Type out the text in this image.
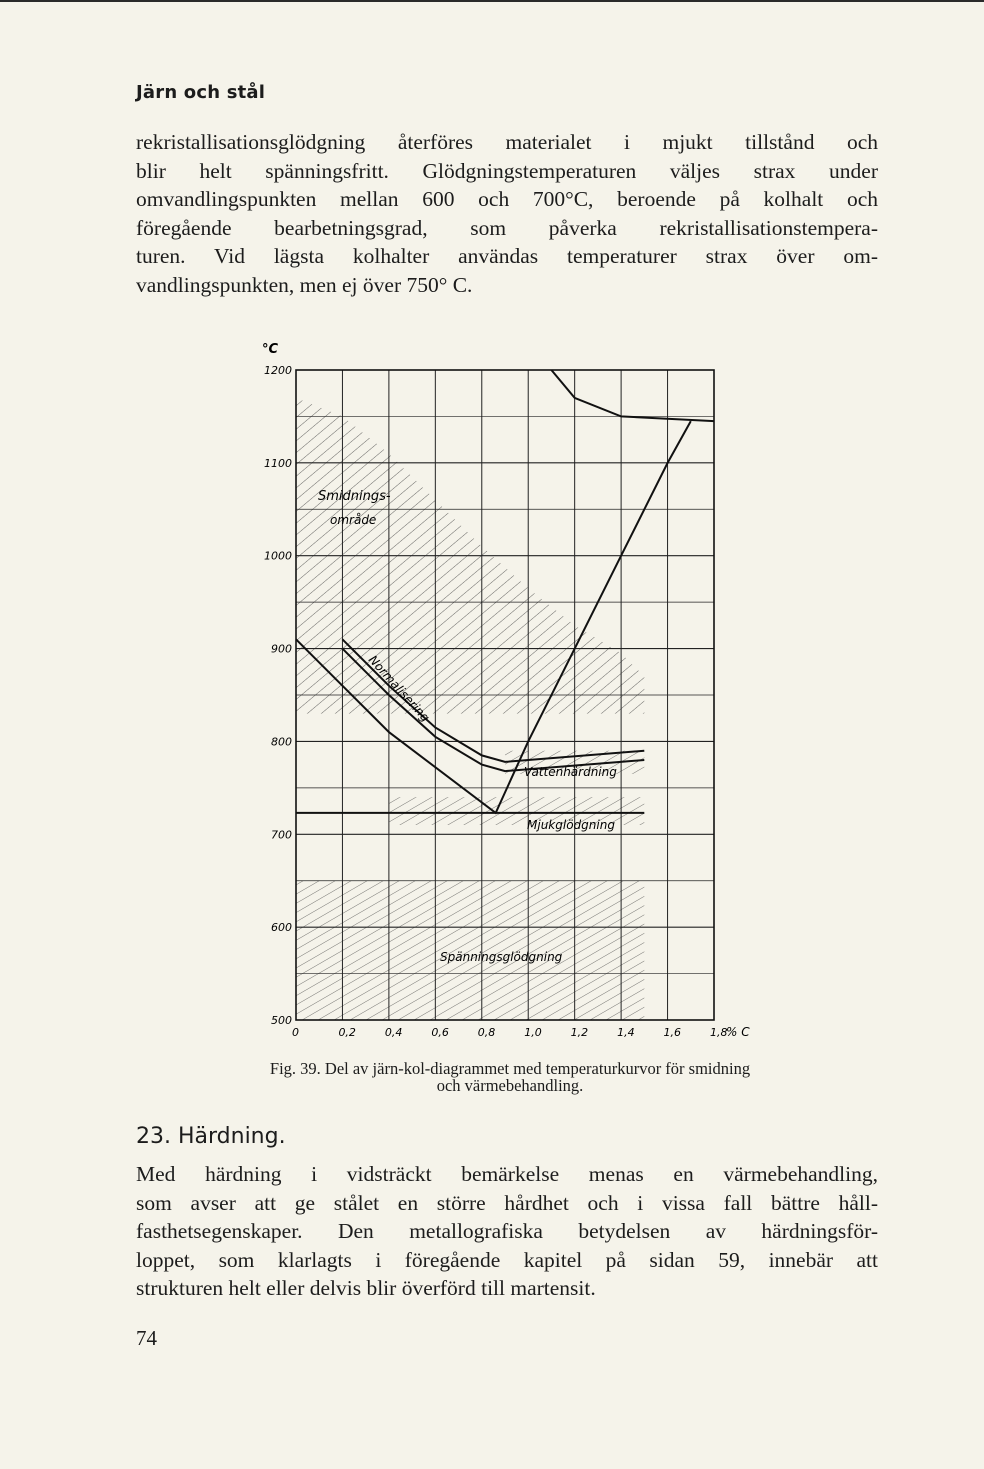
Järn och stål
rekristallisationsglödgning återföres materialet i mjukt tillstånd och
blir helt spänningsfritt. Glödgningstemperaturen väljes strax under
omvandlingspunkten mellan 600 och 700°C, beroende på kolhalt och
föregående bearbetningsgrad, som påverka rekristallisationstempera-
turen. Vid lägsta kolhalter användas temperaturer strax över om-
vandlingspunkten, men ej över 750° C.
0	0,2	0,4	0,6	0,8	1,0	1,2	1,4	1,6	1,8
500
600
700
800
900
1000
1100
1200
°C
% C
Smidnings-
område
Normalisering
Vattenhärdning
Mjukglödgning
Spänningsglödgning
Fig. 39. Del av järn-kol-diagrammet med temperaturkurvor för smidning
och värmebehandling.
23. Härdning.
Med härdning i vidsträckt bemärkelse menas en värmebehandling,
som avser att ge stålet en större hårdhet och i vissa fall bättre håll-
fasthetsegenskaper. Den metallografiska betydelsen av härdningsför-
loppet, som klarlagts i föregående kapitel på sidan 59, innebär att
strukturen helt eller delvis blir överförd till martensit.
74
